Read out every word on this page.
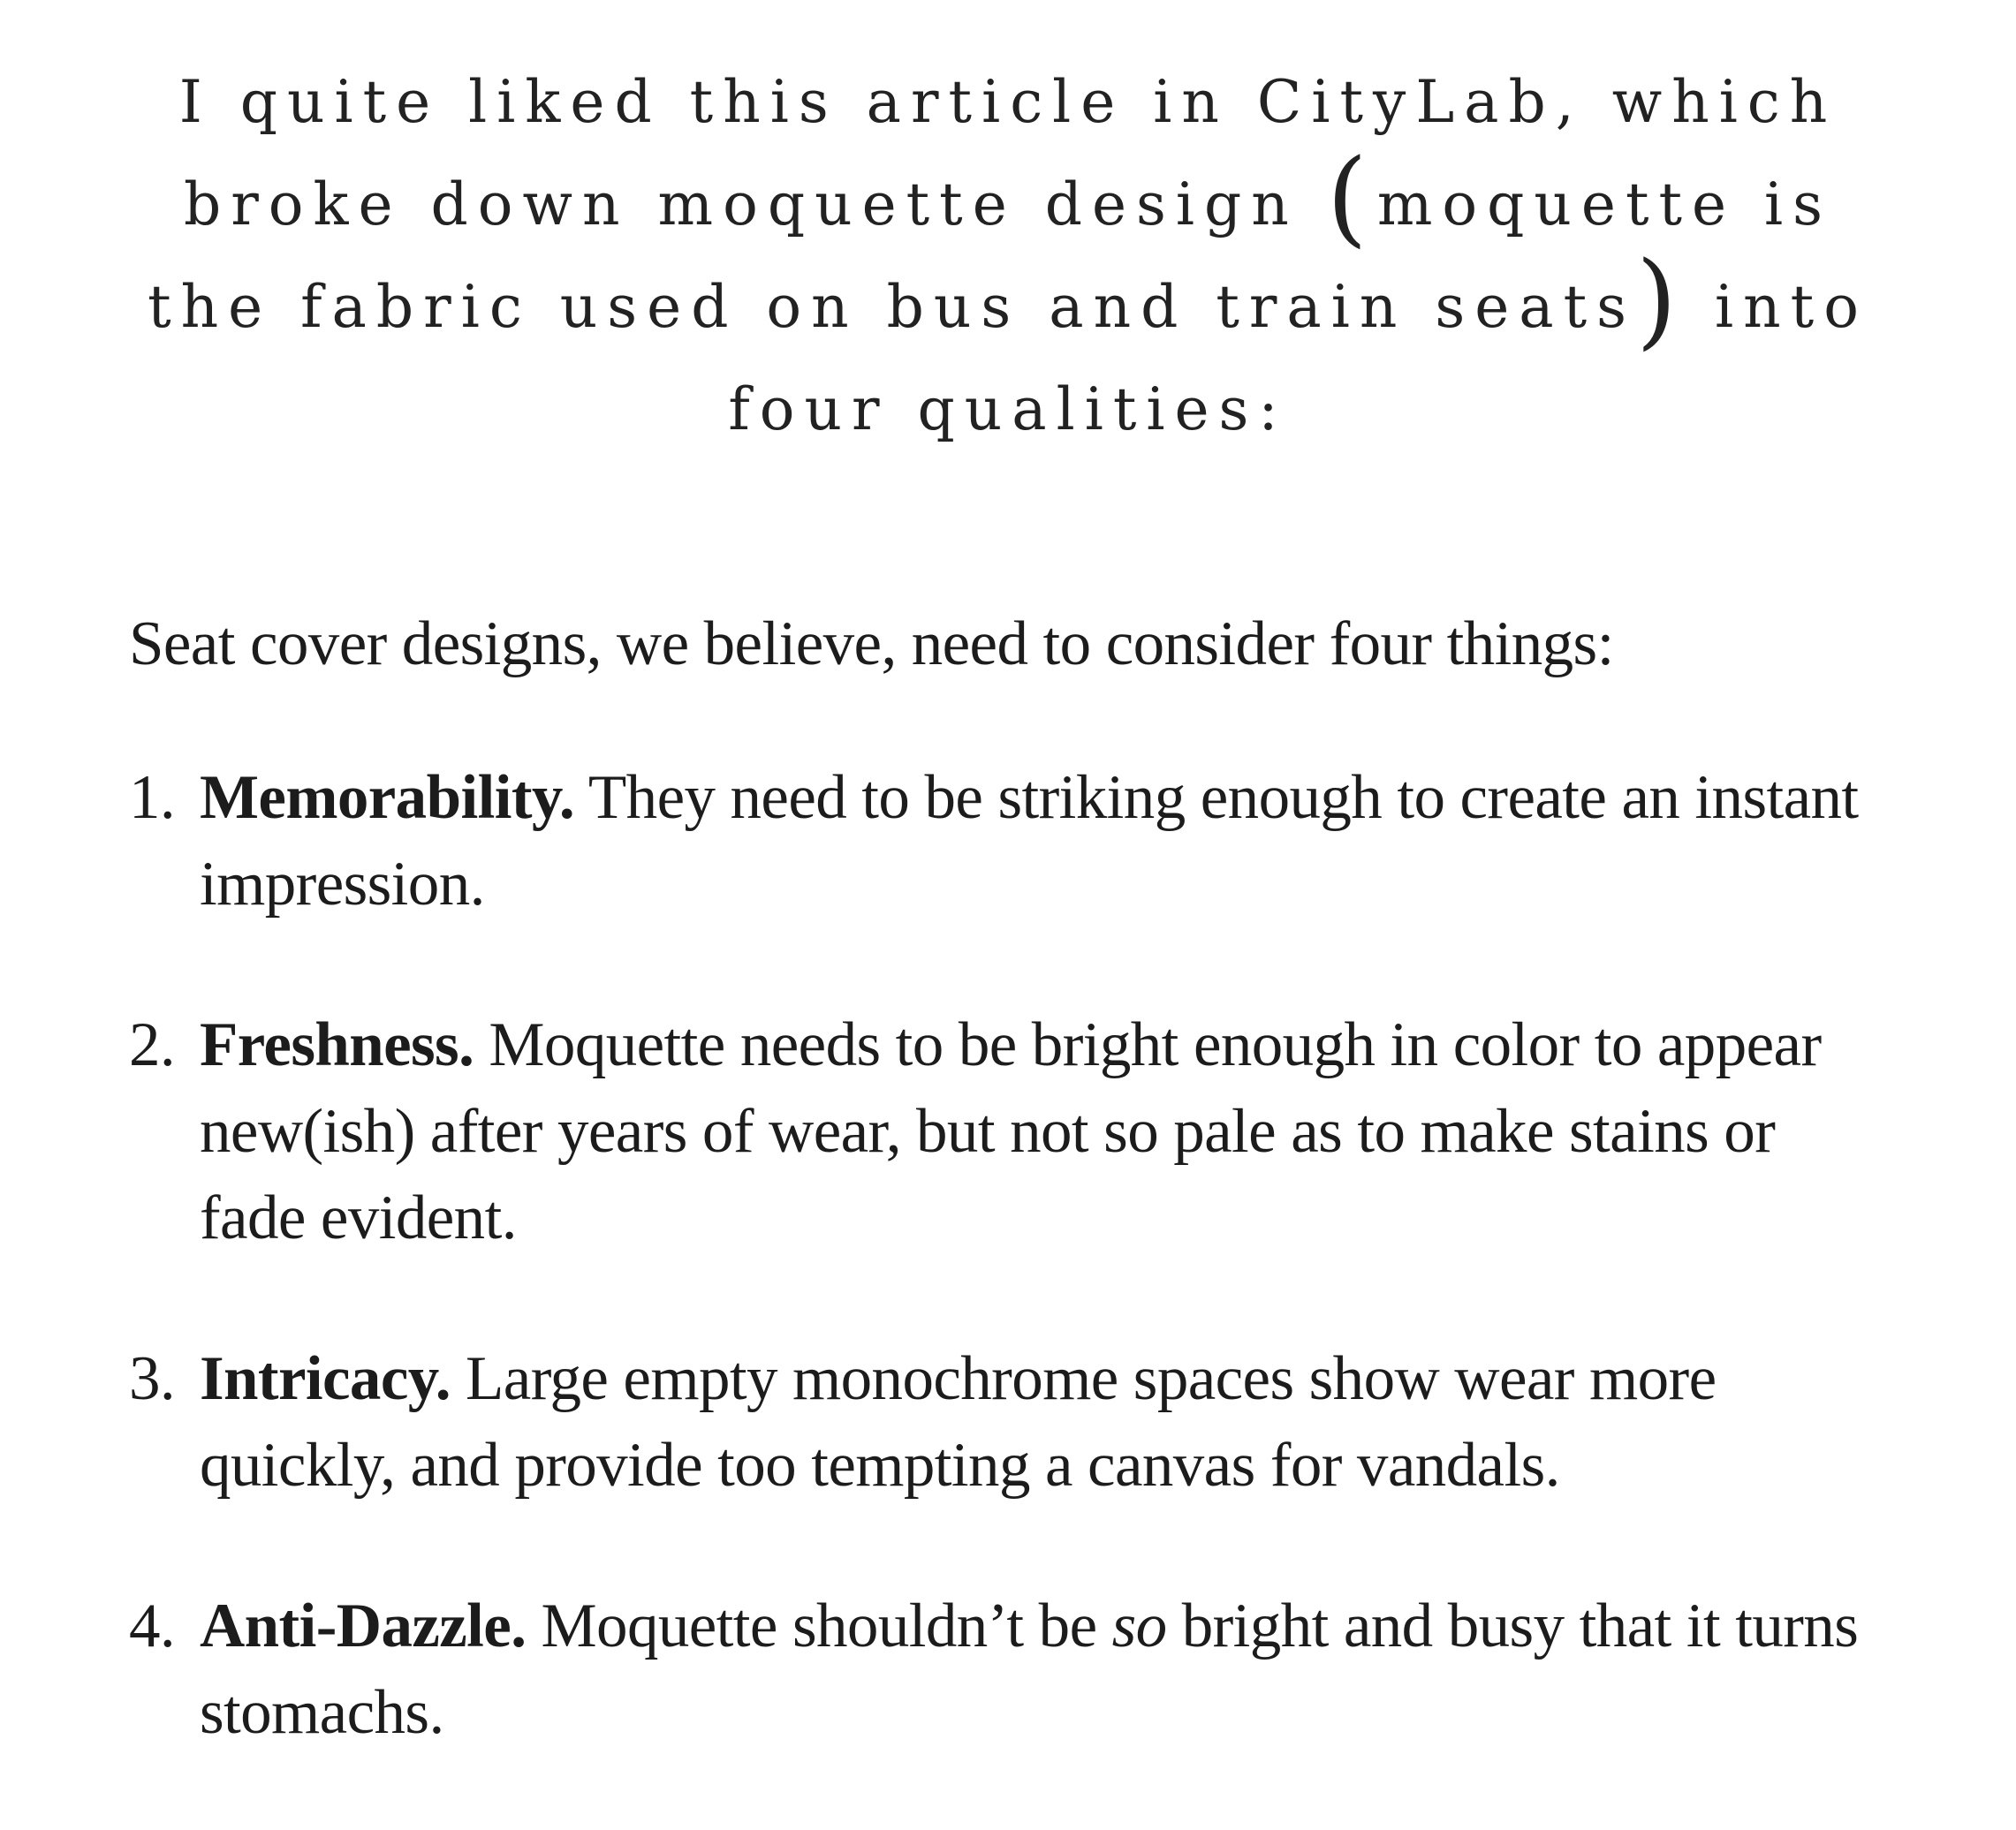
I quite liked this article in CityLab, which broke down moquette design (moquette is the fabric used on bus and train seats) into four qualities:

Seat cover designs, we believe, need to consider four things:

1. Memorability. They need to be striking enough to create an instant impression.
2. Freshness. Moquette needs to be bright enough in color to appear new(ish) after years of wear, but not so pale as to make stains or fade evident.
3. Intricacy. Large empty monochrome spaces show wear more quickly, and provide too tempting a canvas for vandals.
4. Anti-Dazzle. Moquette shouldn’t be so bright and busy that it turns stomachs.
